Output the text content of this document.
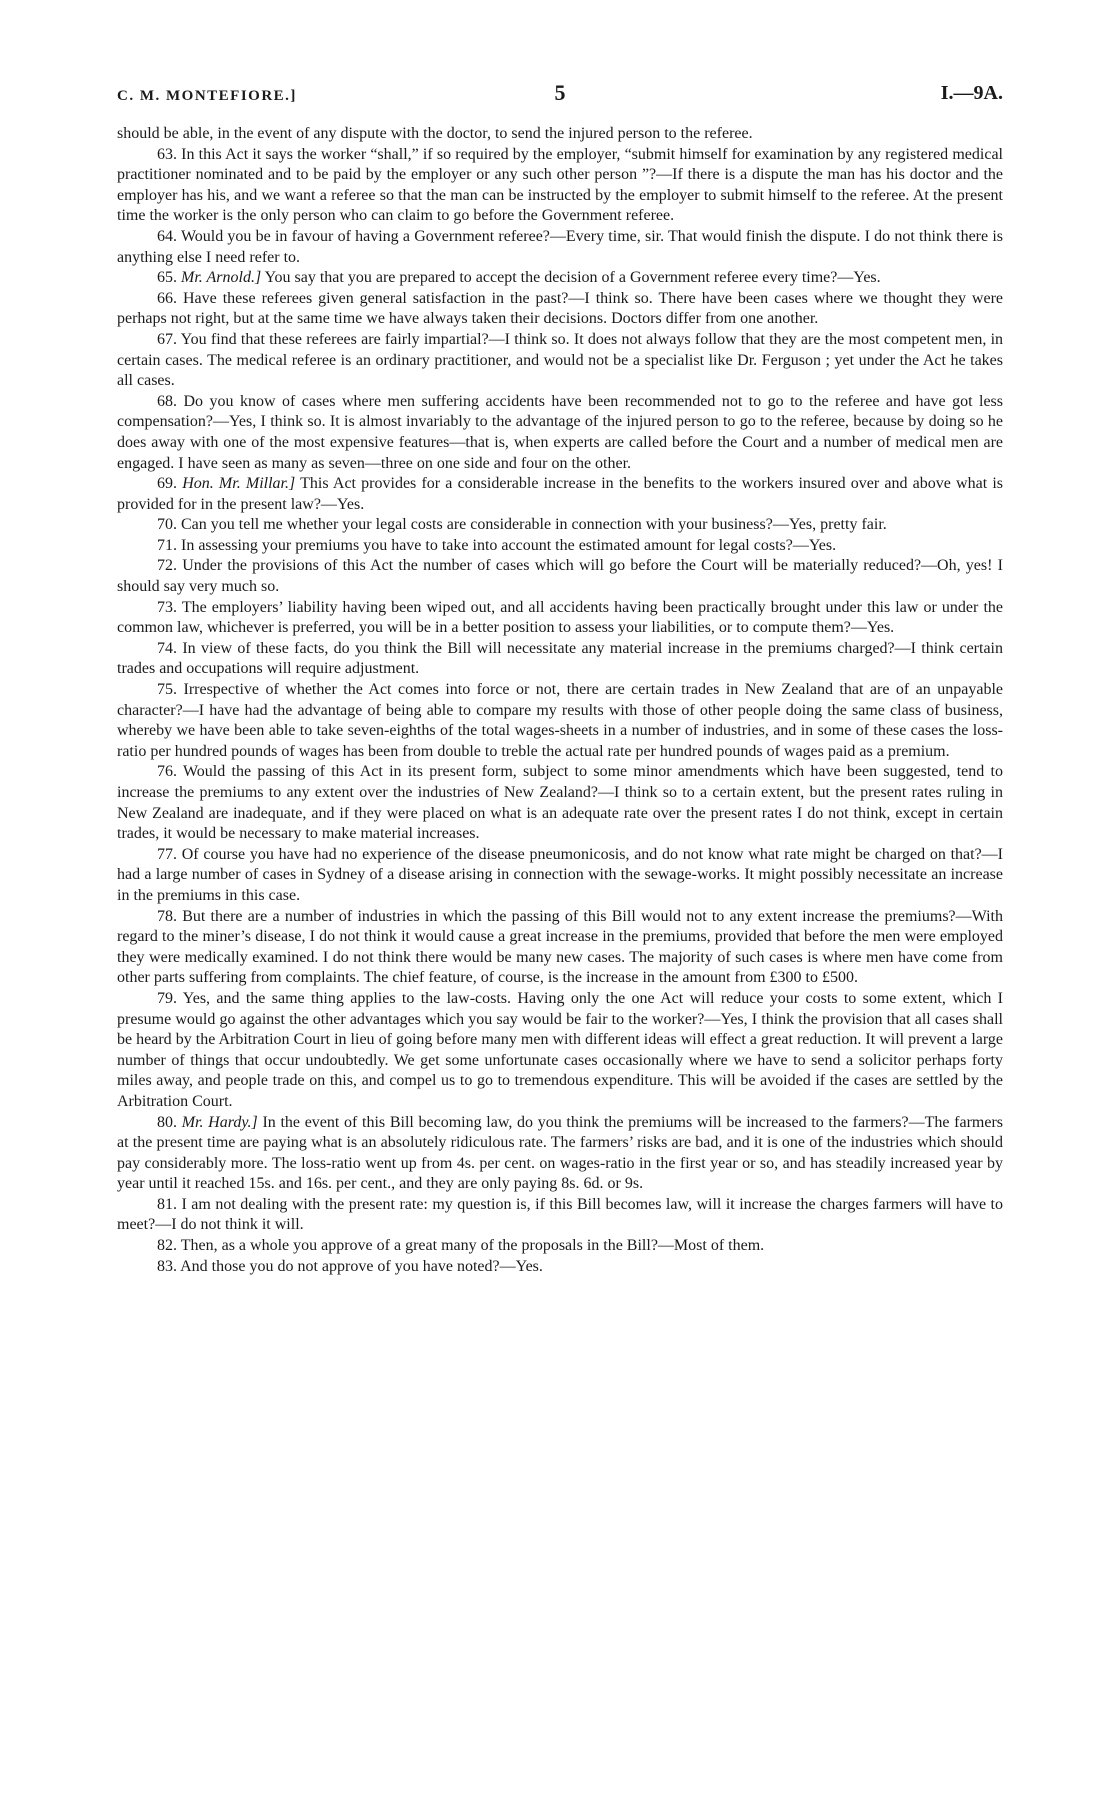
C. M. MONTEFIORE.]	5	I.—9A.

should be able, in the event of any dispute with the doctor, to send the injured person to the referee.

63. In this Act it says the worker “shall,” if so required by the employer, “submit himself for examination by any registered medical practitioner nominated and to be paid by the employer or any such other person ”?—If there is a dispute the man has his doctor and the employer has his, and we want a referee so that the man can be instructed by the employer to submit himself to the referee. At the present time the worker is the only person who can claim to go before the Government referee.

64. Would you be in favour of having a Government referee?—Every time, sir. That would finish the dispute. I do not think there is anything else I need refer to.

65. Mr. Arnold.] You say that you are prepared to accept the decision of a Government referee every time?—Yes.

66. Have these referees given general satisfaction in the past?—I think so. There have been cases where we thought they were perhaps not right, but at the same time we have always taken their decisions. Doctors differ from one another.

67. You find that these referees are fairly impartial?—I think so. It does not always follow that they are the most competent men, in certain cases. The medical referee is an ordinary practitioner, and would not be a specialist like Dr. Ferguson ; yet under the Act he takes all cases.

68. Do you know of cases where men suffering accidents have been recommended not to go to the referee and have got less compensation?—Yes, I think so. It is almost invariably to the advantage of the injured person to go to the referee, because by doing so he does away with one of the most expensive features—that is, when experts are called before the Court and a number of medical men are engaged. I have seen as many as seven—three on one side and four on the other.

69. Hon. Mr. Millar.] This Act provides for a considerable increase in the benefits to the workers insured over and above what is provided for in the present law?—Yes.

70. Can you tell me whether your legal costs are considerable in connection with your business?—Yes, pretty fair.

71. In assessing your premiums you have to take into account the estimated amount for legal costs?—Yes.

72. Under the provisions of this Act the number of cases which will go before the Court will be materially reduced?—Oh, yes! I should say very much so.

73. The employers’ liability having been wiped out, and all accidents having been practically brought under this law or under the common law, whichever is preferred, you will be in a better position to assess your liabilities, or to compute them?—Yes.

74. In view of these facts, do you think the Bill will necessitate any material increase in the premiums charged?—I think certain trades and occupations will require adjustment.

75. Irrespective of whether the Act comes into force or not, there are certain trades in New Zealand that are of an unpayable character?—I have had the advantage of being able to compare my results with those of other people doing the same class of business, whereby we have been able to take seven-eighths of the total wages-sheets in a number of industries, and in some of these cases the loss-ratio per hundred pounds of wages has been from double to treble the actual rate per hundred pounds of wages paid as a premium.

76. Would the passing of this Act in its present form, subject to some minor amendments which have been suggested, tend to increase the premiums to any extent over the industries of New Zealand?—I think so to a certain extent, but the present rates ruling in New Zealand are inadequate, and if they were placed on what is an adequate rate over the present rates I do not think, except in certain trades, it would be necessary to make material increases.

77. Of course you have had no experience of the disease pneumonicosis, and do not know what rate might be charged on that?—I had a large number of cases in Sydney of a disease arising in connection with the sewage-works. It might possibly necessitate an increase in the premiums in this case.

78. But there are a number of industries in which the passing of this Bill would not to any extent increase the premiums?—With regard to the miner’s disease, I do not think it would cause a great increase in the premiums, provided that before the men were employed they were medically examined. I do not think there would be many new cases. The majority of such cases is where men have come from other parts suffering from complaints. The chief feature, of course, is the increase in the amount from £300 to £500.

79. Yes, and the same thing applies to the law-costs. Having only the one Act will reduce your costs to some extent, which I presume would go against the other advantages which you say would be fair to the worker?—Yes, I think the provision that all cases shall be heard by the Arbitration Court in lieu of going before many men with different ideas will effect a great reduction. It will prevent a large number of things that occur undoubtedly. We get some unfortunate cases occasionally where we have to send a solicitor perhaps forty miles away, and people trade on this, and compel us to go to tremendous expenditure. This will be avoided if the cases are settled by the Arbitration Court.

80. Mr. Hardy.] In the event of this Bill becoming law, do you think the premiums will be increased to the farmers?—The farmers at the present time are paying what is an absolutely ridiculous rate. The farmers’ risks are bad, and it is one of the industries which should pay considerably more. The loss-ratio went up from 4s. per cent. on wages-ratio in the first year or so, and has steadily increased year by year until it reached 15s. and 16s. per cent., and they are only paying 8s. 6d. or 9s.

81. I am not dealing with the present rate: my question is, if this Bill becomes law, will it increase the charges farmers will have to meet?—I do not think it will.

82. Then, as a whole you approve of a great many of the proposals in the Bill?—Most of them.

83. And those you do not approve of you have noted?—Yes.
